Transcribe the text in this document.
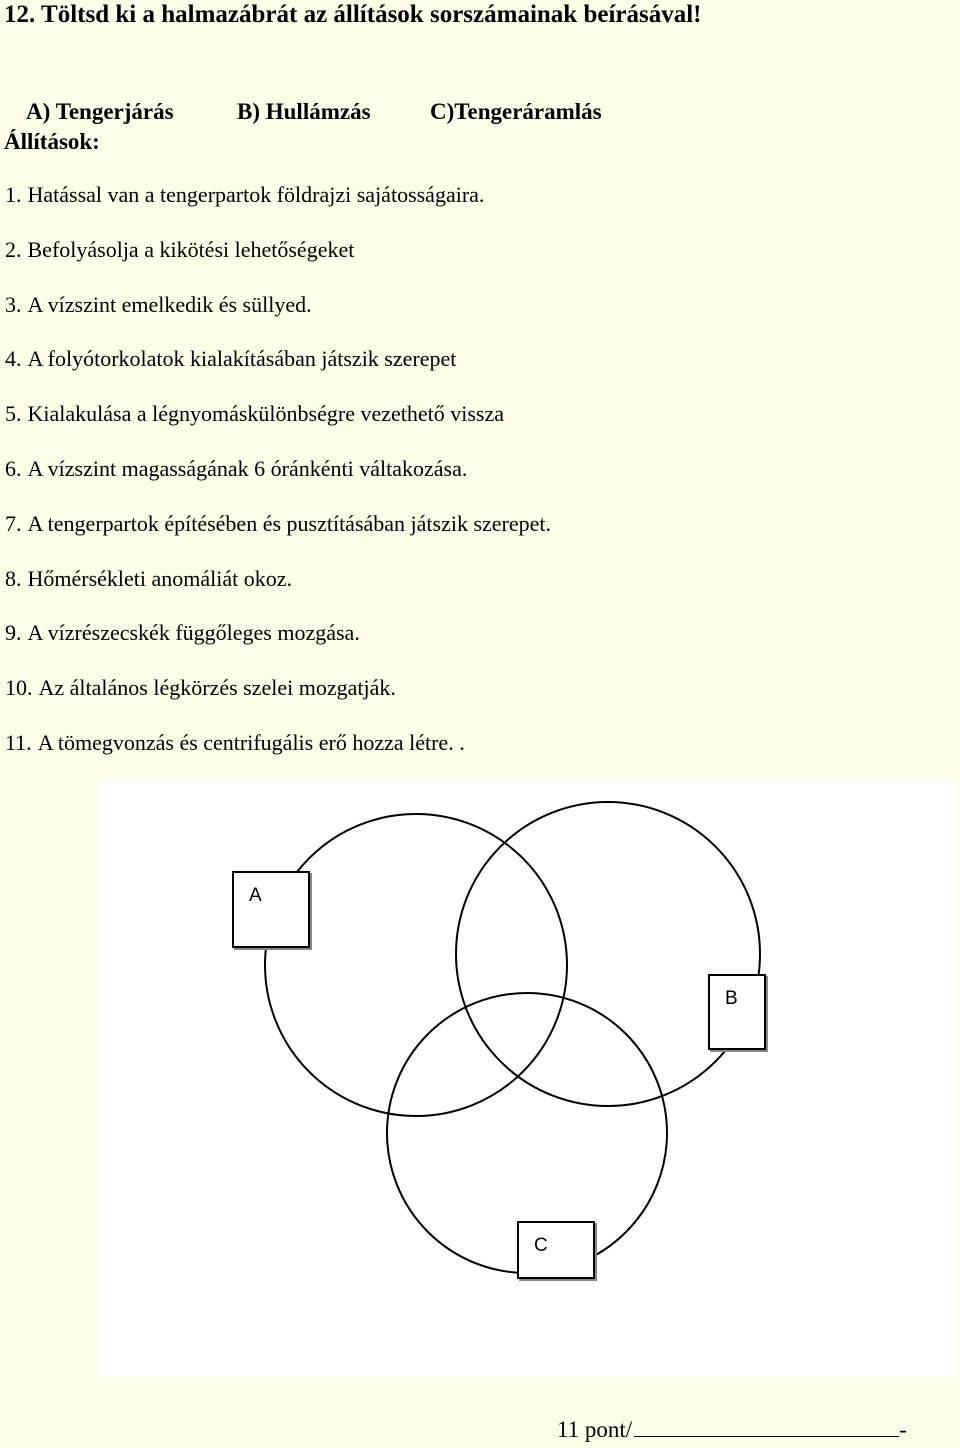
12. Töltsd ki a halmazábrát az állítások sorszámainak beírásával!
A) Tengerjárás	B) Hullámzás	C)Tengeráramlás
Állítások:
1. Hatással van a tengerpartok földrajzi sajátosságaira.
2. Befolyásolja a kikötési lehetőségeket
3. A vízszint emelkedik és süllyed.
4. A folyótorkolatok kialakításában játszik szerepet
5. Kialakulása a légnyomáskülönbségre vezethető vissza
6. A vízszint magasságának 6 óránkénti váltakozása.
7. A tengerpartok építésében és pusztításában játszik szerepet.
8. Hőmérsékleti anomáliát okoz.
9. A vízrészecskék függőleges mozgása.
10. Az általános légkörzés szelei mozgatják.
11. A tömegvonzás és centrifugális erő hozza létre. .
A
B
C
11 pont/	-
